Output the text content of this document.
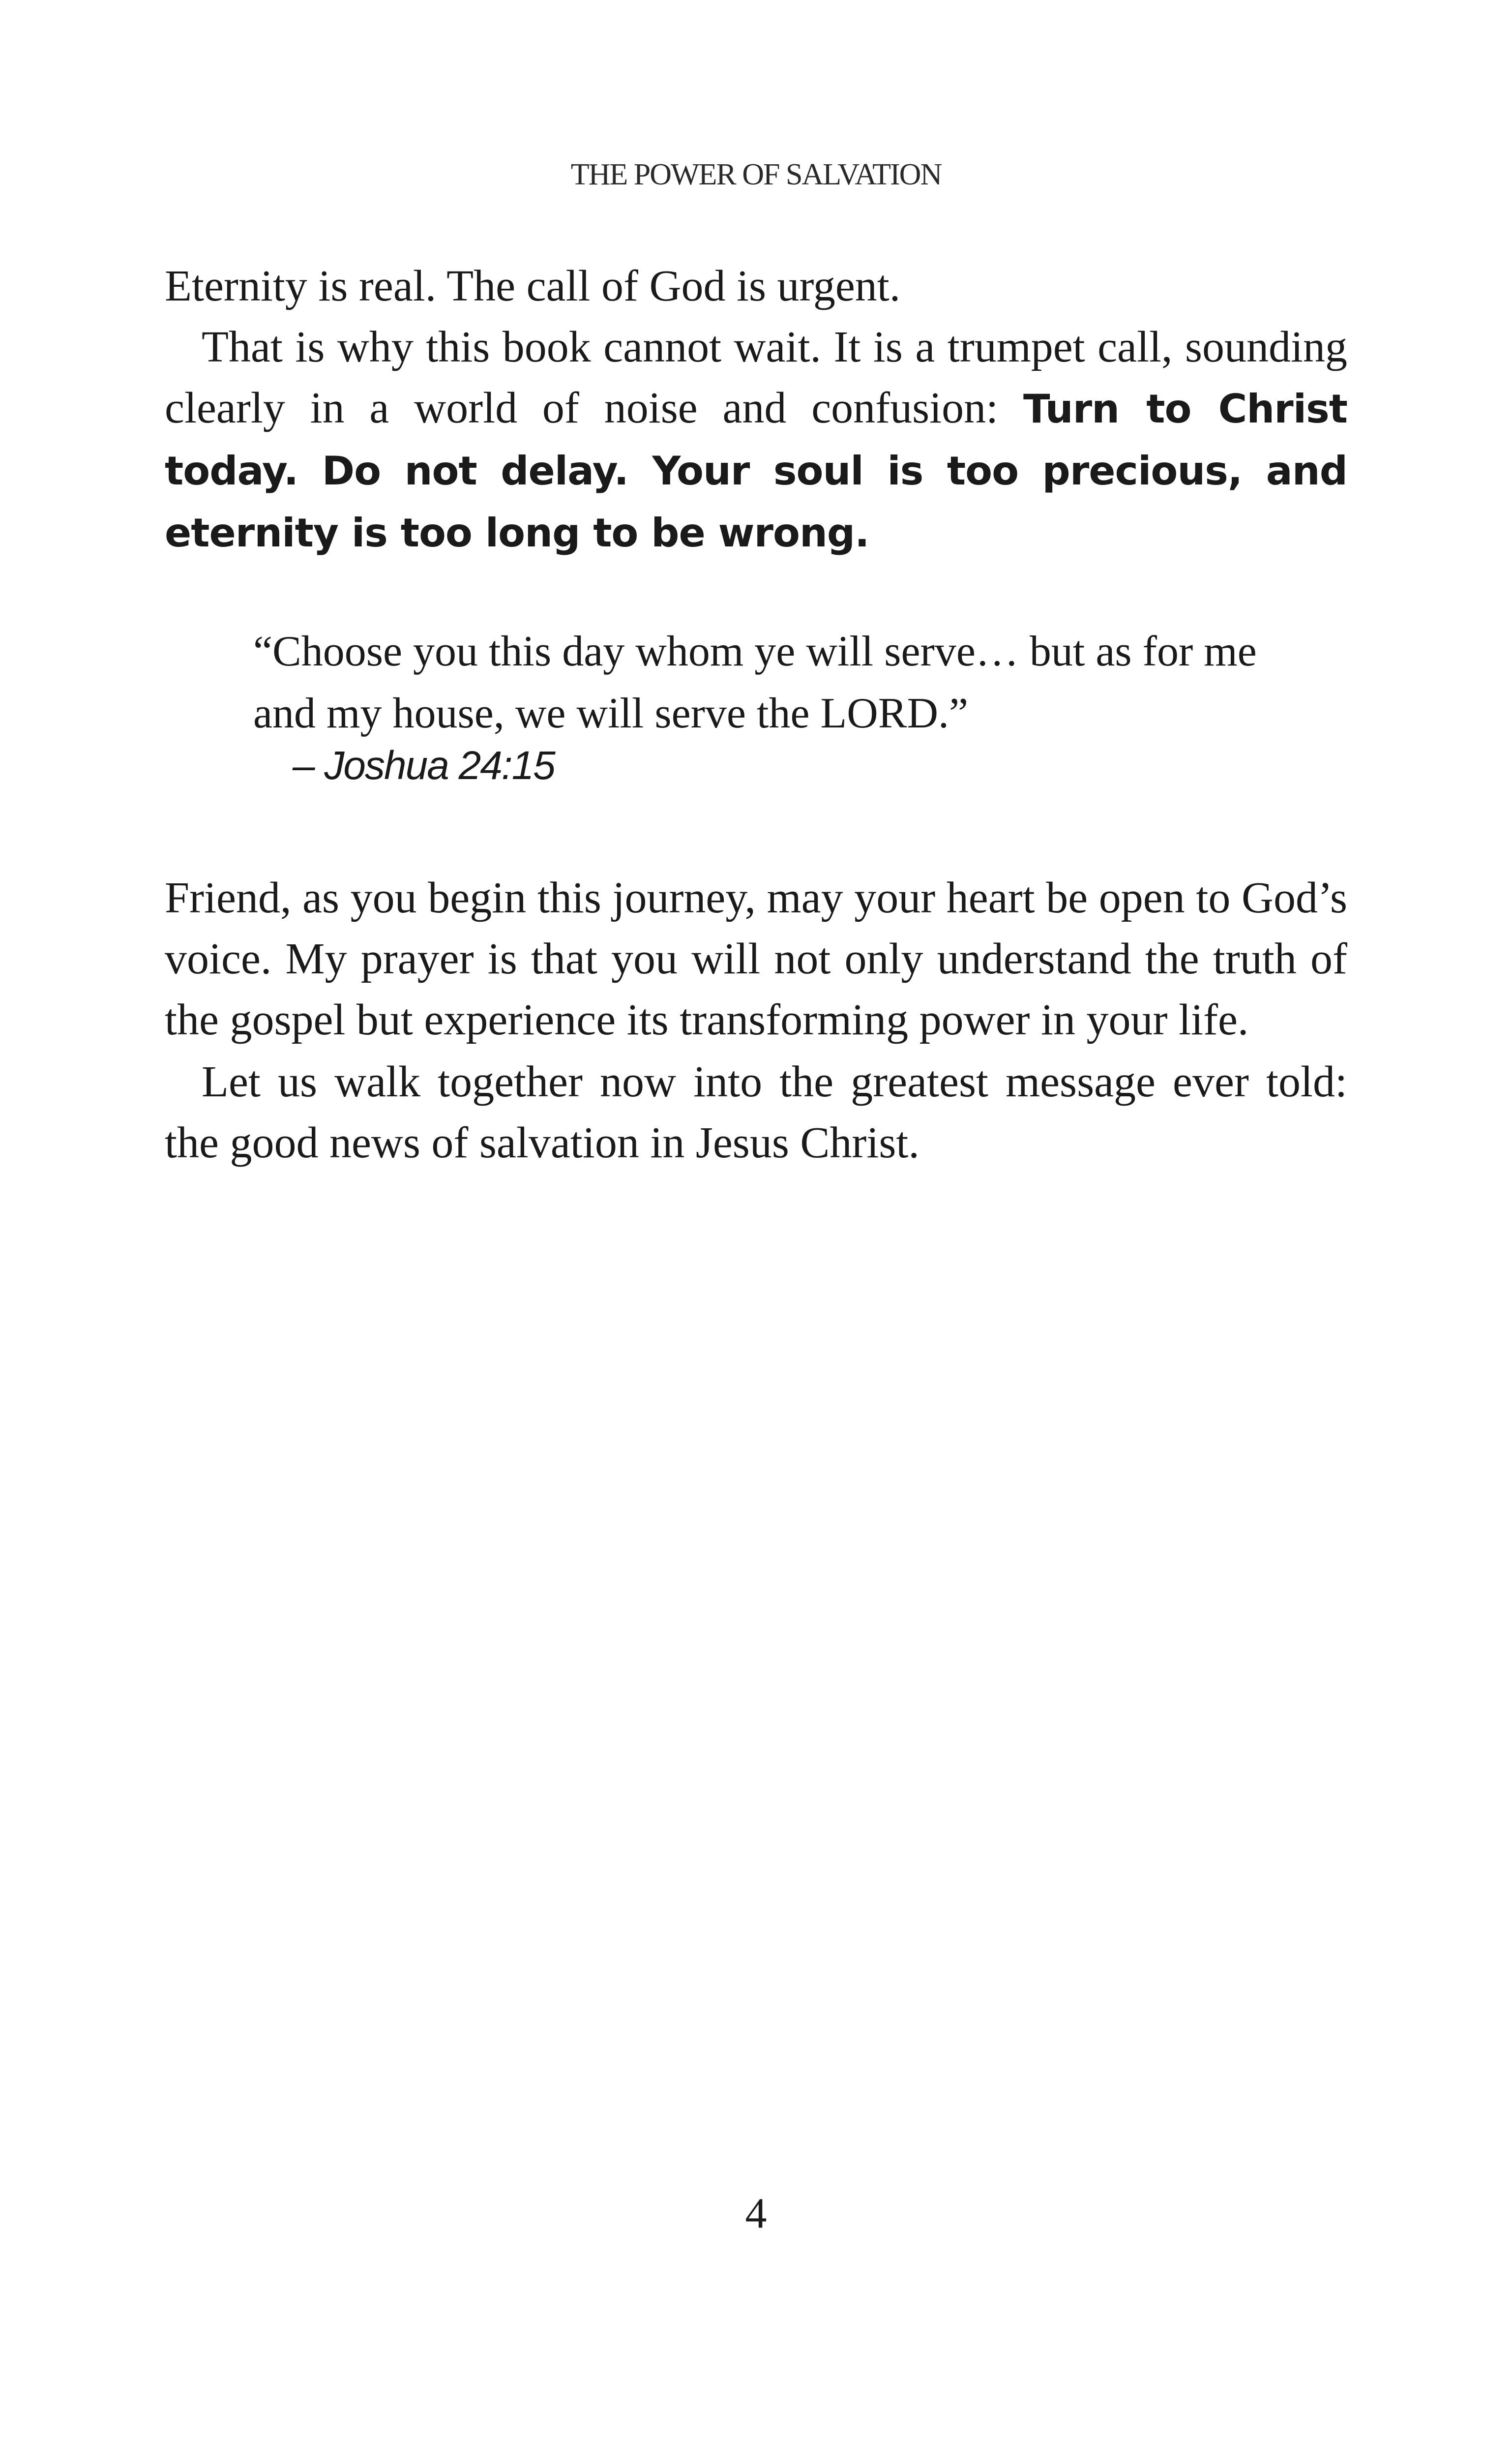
THE POWER OF SALVATION

Eternity is real. The call of God is urgent.

That is why this book cannot wait. It is a trumpet call, sounding clearly in a world of noise and confusion: Turn to Christ today. Do not delay. Your soul is too precious, and eternity is too long to be wrong.

“Choose you this day whom ye will serve… but as for me and my house, we will serve the LORD.”

– Joshua 24:15

Friend, as you begin this journey, may your heart be open to God’s voice. My prayer is that you will not only understand the truth of the gospel but experience its transforming power in your life.

Let us walk together now into the greatest message ever told: the good news of salvation in Jesus Christ.

4
